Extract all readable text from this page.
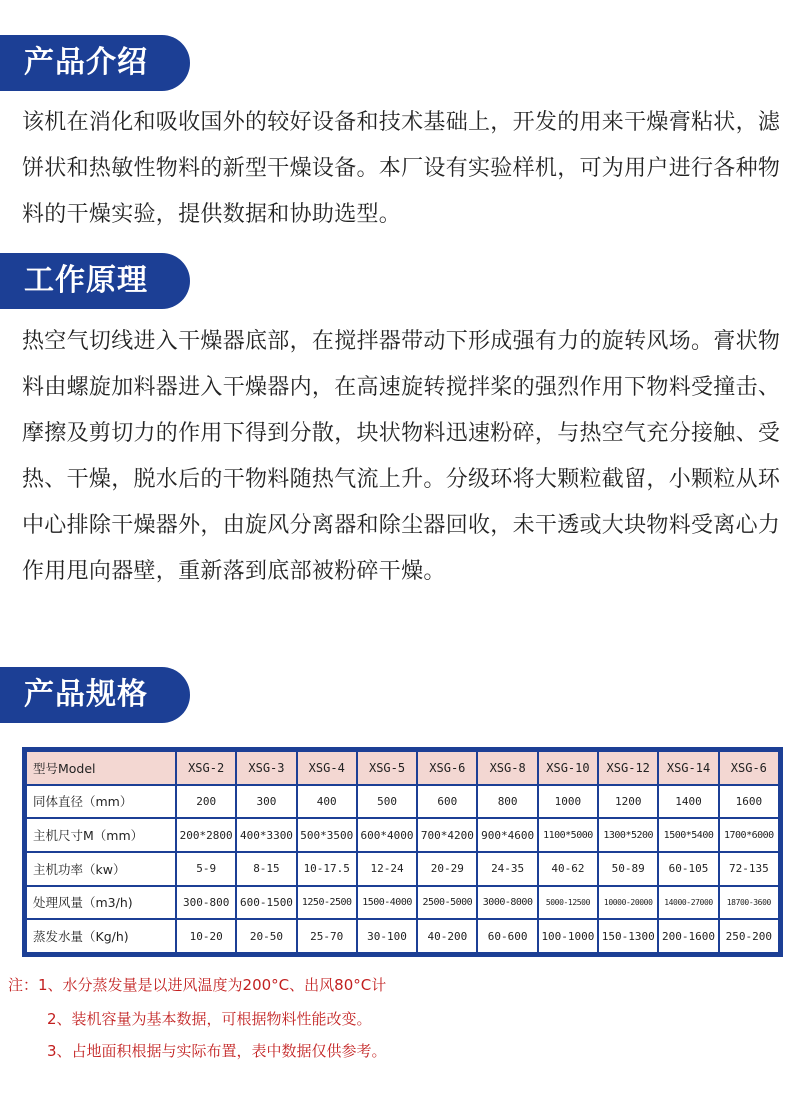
产品介绍

该机在消化和吸收国外的较好设备和技术基础上，开发的用来干燥膏粘状，滤饼状和热敏性物料的新型干燥设备。本厂设有实验样机，可为用户进行各种物料的干燥实验，提供数据和协助选型。

工作原理

热空气切线进入干燥器底部，在搅拌器带动下形成强有力的旋转风场。膏状物料由螺旋加料器进入干燥器内，在高速旋转搅拌桨的强烈作用下物料受撞击、摩擦及剪切力的作用下得到分散，块状物料迅速粉碎，与热空气充分接触、受热、干燥，脱水后的干物料随热气流上升。分级环将大颗粒截留，小颗粒从环中心排除干燥器外，由旋风分离器和除尘器回收，未干透或大块物料受离心力作用甩向器壁，重新落到底部被粉碎干燥。

产品规格
型号Model	XSG-2	XSG-3	XSG-4	XSG-5	XSG-6	XSG-8	XSG-10	XSG-12	XSG-14	XSG-6
同体直径（mm）	200	300	400	500	600	800	1000	1200	1400	1600
主机尺寸M（mm）	200*2800	400*3300	500*3500	600*4000	700*4200	900*4600	1100*5000	1300*5200	1500*5400	1700*6000
主机功率（kw）	5-9	8-15	10-17.5	12-24	20-29	24-35	40-62	50-89	60-105	72-135
处理风量（m3/h)	300-800	600-1500	1250-2500	1500-4000	2500-5000	3000-8000	5000-12500	10000-20000	14000-27000	18700-3600
蒸发水量（Kg/h)	10-20	20-50	25-70	30-100	40-200	60-600	100-1000	150-1300	200-1600	250-200

注：1、水分蒸发量是以进风温度为200°C、出风80°C计

2、装机容量为基本数据，可根据物料性能改变。

3、占地面积根据与实际布置，表中数据仅供参考。
